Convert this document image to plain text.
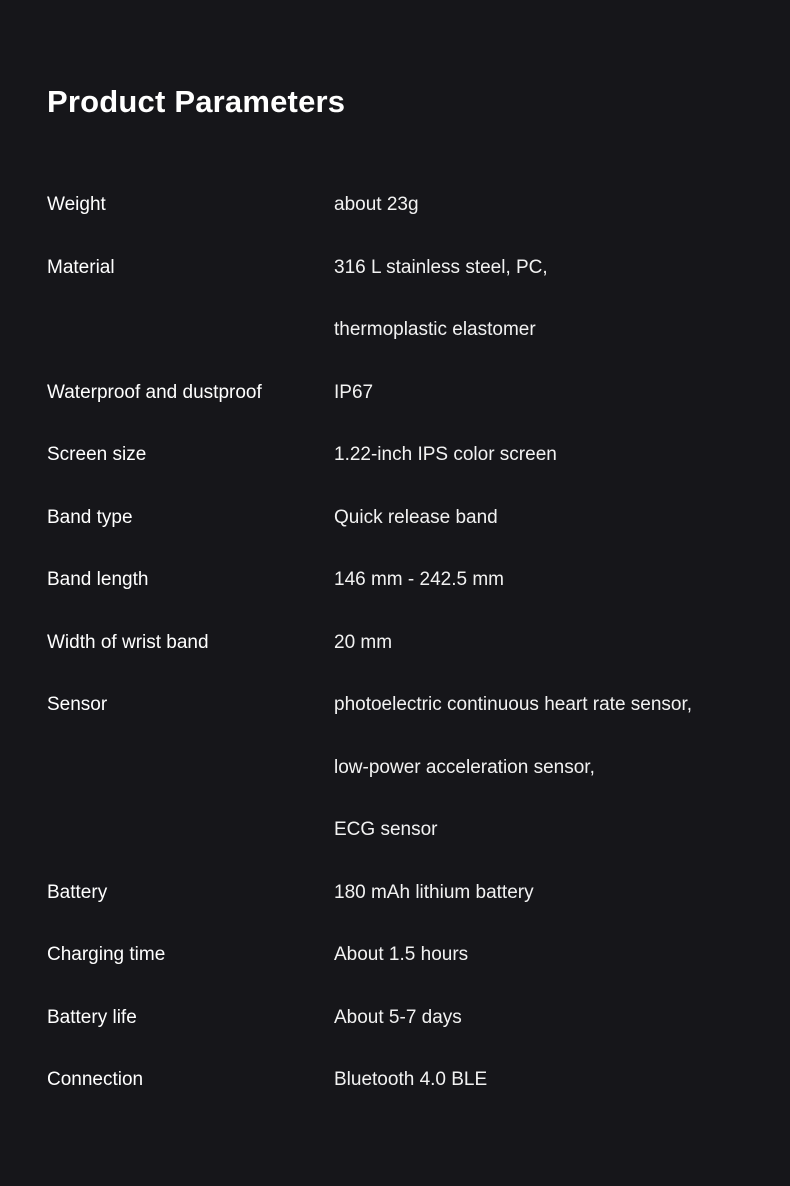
Product Parameters
Weight	about 23g
Material	316 L stainless steel, PC,
thermoplastic elastomer
Waterproof and dustproof	IP67
Screen size	1.22-inch IPS color screen
Band type	Quick release band
Band length	146 mm - 242.5 mm
Width of wrist band	20 mm
Sensor	photoelectric continuous heart rate sensor,
low-power acceleration sensor,
ECG sensor
Battery	180 mAh lithium battery
Charging time	About 1.5 hours
Battery life	About 5-7 days
Connection	Bluetooth 4.0 BLE
